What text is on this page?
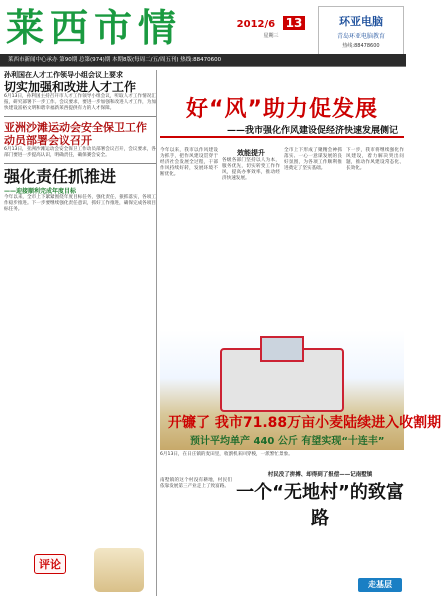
莱西市情	2012/6 13
星期三
环亚电脑
青岛环亚电脑教育
热线:88478600
莱西市新闻中心承办 第90期 总第(974)期 本期8版(每周二/五/周五刊) 热线:88470600
孙利国在人才工作领导小组会议上要求
切实加强和改进人才工作
6月13日，孙利国主持召开市人才工作领导小组会议，听取人才工作情况汇报，研究部署下一步工作。会议要求，要进一步加强和改进人才工作，为加快建设富裕文明和谐幸福新莱西提供有力的人才保障。
亚洲沙滩运动会安全保卫工作动员部署会议召开
6月13日，亚洲沙滩运动会安全保卫工作动员部署会议召开，会议要求，各部门要进一步提高认识，明确责任，确保赛会安全。
强化责任抓推进
——迎接顺利完成年度目标
今年以来，全市上下紧紧围绕年度目标任务，强化责任，狠抓落实，各项工作稳步推进。下一步要继续强化责任意识，抓好工作推进，确保完成各项目标任务。
评论
好“风”助力促发展
——我市强化作风建设促经济快速发展侧记
今年以来，我市以作风建设为抓手，把作风建设贯穿于经济社会发展全过程，干部作风持续好转，发展环境不断优化。
效能提升
各级各部门坚持以人为本，服务优先，切实转变工作作风，提高办事效率，推动经济快速发展。
全市上下形成了聚精会神抓落实、一心一意谋发展的良好氛围，为各项工作顺利推进奠定了坚实基础。
下一步，我市将继续强化作风建设，着力解决突出问题，推动作风建设常态化、长效化。
开镰了 我市71.88万亩小麦陆续进入收割期
预计平均单产 440 公斤 有望实现“十连丰”
6月13日，在日庄镇的麦田里，收割机来回穿梭，一派繁忙景象。
南墅镇的这个村没有耕地，村民们依靠发展第三产业走上了致富路。
村民没了拼搏、却得到了报偿——记南墅镇
一个“无地村”的致富路
走基层
